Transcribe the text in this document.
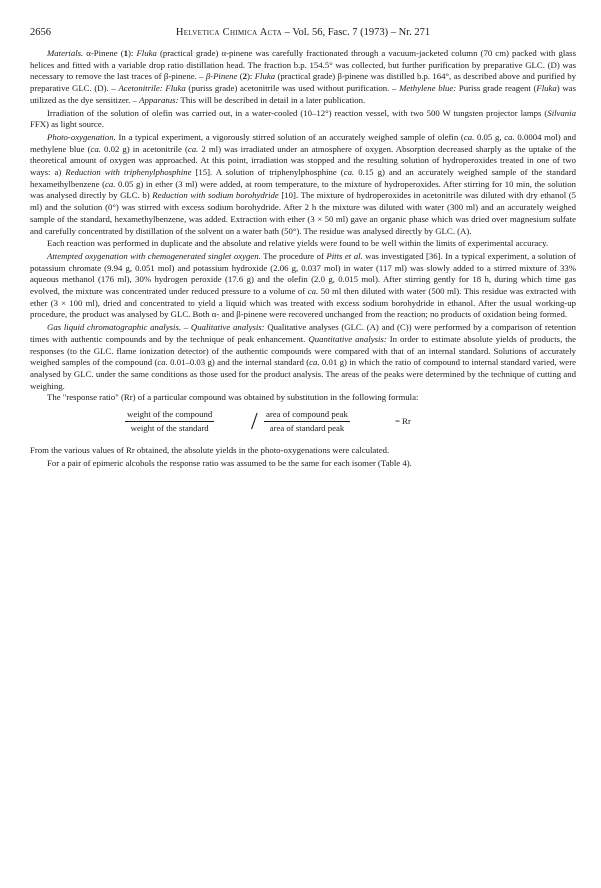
2656	Helvetica Chimica Acta – Vol. 56, Fasc. 7 (1973) – Nr. 271

Materials. α-Pinene (1): Fluka (practical grade) α-pinene was carefully fractionated through a vacuum-jacketed column (70 cm) packed with glass helices and fitted with a variable drop ratio distillation head. The fraction b.p. 154.5° was collected, but further purification by preparative GLC. (D) was necessary to remove the last traces of β-pinene. – β-Pinene (2): Fluka (practical grade) β-pinene was distilled b.p. 164°, as described above and purified by preparative GLC. (D). – Acetonitrile: Fluka (puriss grade) acetonitrile was used without purification. – Methylene blue: Puriss grade reagent (Fluka) was utilized as the dye sensitizer. – Apparatus: This will be described in detail in a later publication.

Irradiation of the solution of olefin was carried out, in a water-cooled (10–12°) reaction vessel, with two 500 W tungsten projector lamps (Silvania FFX) as light source.

Photo-oxygenation. In a typical experiment, a vigorously stirred solution of an accurately weighed sample of olefin (ca. 0.05 g, ca. 0.0004 mol) and methylene blue (ca. 0.02 g) in acetonitrile (ca. 2 ml) was irradiated under an atmosphere of oxygen. Absorption decreased sharply as the uptake of the theoretical amount of oxygen was approached. At this point, irradiation was stopped and the resulting solution of hydroperoxides treated in one of two ways: a) Reduction with triphenylphosphine [15]. A solution of triphenylphosphine (ca. 0.15 g) and an accurately weighed sample of the standard hexamethylbenzene (ca. 0.05 g) in ether (3 ml) were added, at room temperature, to the mixture of hydroperoxides. After stirring for 10 min, the solution was analysed directly by GLC. b) Reduction with sodium borohydride [10]. The mixture of hydroperoxides in acetonitrile was diluted with dry ethanol (5 ml) and the solution (0°) was stirred with excess sodium borohydride. After 2 h the mixture was diluted with water (300 ml) and an accurately weighed sample of the standard, hexamethylbenzene, was added. Extraction with ether (3 × 50 ml) gave an organic phase which was dried over magnesium sulfate and carefully concentrated by distillation of the solvent on a water bath (50°). The residue was analysed directly by GLC. (A).

Each reaction was performed in duplicate and the absolute and relative yields were found to be well within the limits of experimental accuracy.

Attempted oxygenation with chemogenerated singlet oxygen. The procedure of Pitts et al. was investigated [36]. In a typical experiment, a solution of potassium chromate (9.94 g, 0.051 mol) and potassium hydroxide (2.06 g, 0.037 mol) in water (117 ml) was slowly added to a stirred mixture of 33% aqueous methanol (176 ml), 30% hydrogen peroxide (17.6 g) and the olefin (2.0 g, 0.015 mol). After stirring gently for 18 h, during which time gas evolved, the mixture was concentrated under reduced pressure to a volume of ca. 50 ml then diluted with water (500 ml). This residue was extracted with ether (3 × 100 ml), dried and concentrated to yield a liquid which was treated with excess sodium borohydride in ethanol. After the usual working-up procedure, the product was analysed by GLC. Both α- and β-pinene were recovered unchanged from the reaction; no products of oxidation being formed.

Gas liquid chromatographic analysis. – Qualitative analysis: Qualitative analyses (GLC. (A) and (C)) were performed by a comparison of retention times with authentic compounds and by the technique of peak enhancement. Quantitative analysis: In order to estimate absolute yields of products, the responses (to the GLC. flame ionization detector) of the authentic compounds were compared with that of an internal standard. Solutions of accurately weighed samples of the compound (ca. 0.01–0.03 g) and the internal standard (ca. 0.01 g) in which the ratio of compound to internal standard varied, were analysed by GLC. under the same conditions as those used for the product analysis. The areas of the peaks were determined by the technique of cutting and weighing.

The "response ratio" (Rr) of a particular compound was obtained by substitution in the following formula:

weight of the compound
weight of the standard / area of compound peak
area of standard peak
= Rr

From the various values of Rr obtained, the absolute yields in the photo-oxygenations were calculated.

For a pair of epimeric alcohols the response ratio was assumed to be the same for each isomer (Table 4).
